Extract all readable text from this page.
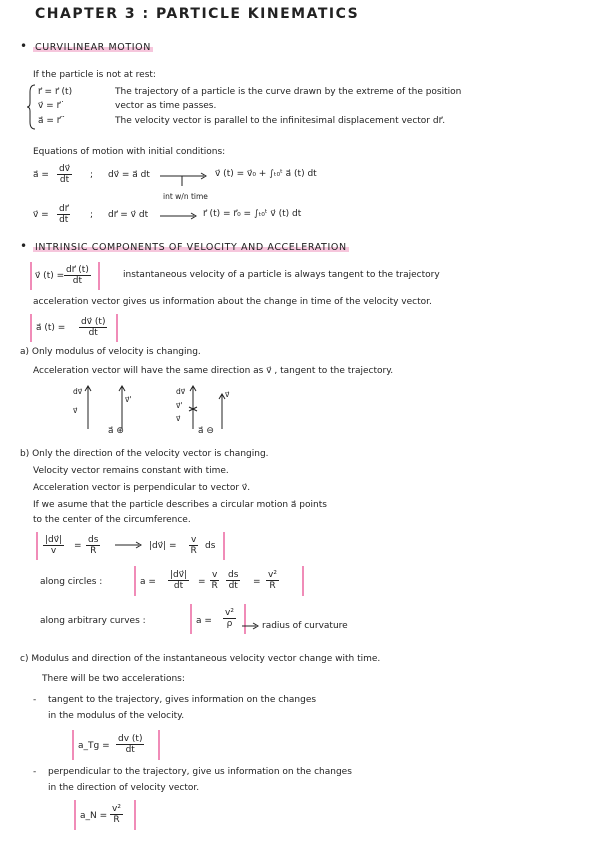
CHAPTER 3 : PARTICLE KINEMATICS
• CURVILINEAR MOTION
If the particle is not at rest:
r⃗ = r⃗ (t)
v⃗ = r⃗˙
a⃗ = r⃗¨
The trajectory of a particle is the curve drawn by the extreme of the position
vector as time passes.
The velocity vector is parallel to the infinitesimal displacement vector dr⃗.
Equations of motion with initial conditions:
a⃗ = $\frac{dv⃗}{dt}$ ; dv⃗ = a⃗ dt	v⃗ (t) = v⃗₀ + ∫ₜ₀ᵗ a⃗ (t) dt
int w/n time
v⃗ = $\frac{dr⃗}{dt}$ ; dr⃗ = v⃗ dt	r⃗ (t) = r⃗₀ = ∫ₜ₀ᵗ v⃗ (t) dt
• INTRINSIC COMPONENTS OF VELOCITY AND ACCELERATION
v⃗ $(t) = \frac{dr⃗ (t)}{dt}$	instantaneous velocity of a particle is always tangent to the trajectory
acceleration vector gives us information about the change in time of the velocity vector.
a⃗ $(t) = \frac{dv⃗ (t)}{dt}$
a) Only modulus of velocity is changing.
Acceleration vector will have the same direction as v⃗ , tangent to the trajectory.
dv⃗
v⃗
v⃗'
dv⃗
v⃗'
v⃗
v⃗
a⃗ ⊕	a⃗ ⊖
b) Only the direction of the velocity vector is changing.
Velocity vector remains constant with time.
Acceleration vector is perpendicular to vector v⃗.
If we asume that the particle describes a circular motion a⃗ points
to the center of the circumference.
$\frac{|dv⃗|}{v} = \frac{ds}{R}$	|dv⃗| = $\frac{v}{R}$ ds
along circles :	$a = \frac{|dv⃗|}{dt} = \frac{v}{R} \frac{ds}{dt} = \frac{\text{v²}}{R}$
along arbitrary curves :	$a = \frac{\text{v²}}{\rho}$	radius of curvature
c) Modulus and direction of the instantaneous velocity vector change with time.
There will be two accelerations:
- tangent to the trajectory, gives information on the changes
in the modulus of the velocity.
a_Tg = $\frac{dv (t)}{dt}$
- perpendicular to the trajectory, give us information on the changes
in the direction of velocity vector.
a_N = $\frac{\text{v²}}{R}$
